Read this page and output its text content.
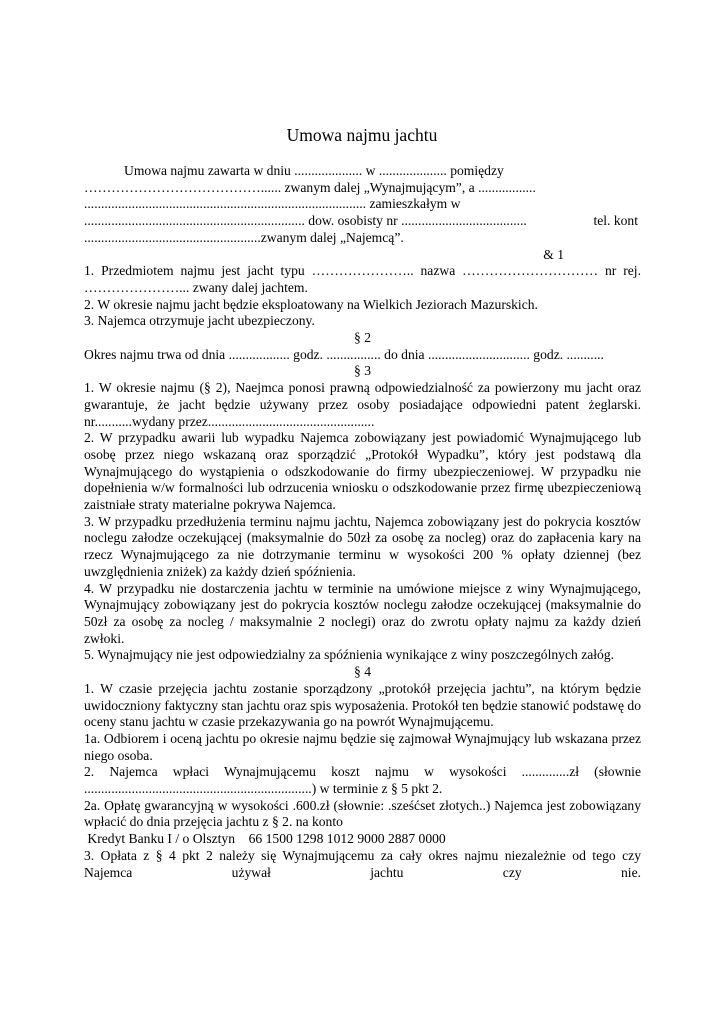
Umowa najmu jachtu

Umowa najmu zawarta w dniu .................... w .................... pomiędzy

…………………………………...... zwanym dalej „Wynajmującym”, a .................

................................................................................... zamieszkałym w

................................................................. dow. osobisty nr .....................................	tel. kont

....................................................zwanym dalej „Najemcą”.

& 1

1. Przedmiotem najmu jest jacht typu ………………….. nazwa ………………………… nr rej.

…………………... zwany dalej jachtem.

2. W okresie najmu jacht będzie eksploatowany na Wielkich Jeziorach Mazurskich.

3. Najemca otrzymuje jacht ubezpieczony.

§ 2

Okres najmu trwa od dnia .................. godz. ................ do dnia .............................. godz. ...........

§ 3

1. W okresie najmu (§ 2), Naejmca ponosi prawną odpowiedzialność za powierzony mu jacht oraz gwarantuje, że jacht będzie używany przez osoby posiadające odpowiedni patent żeglarski. nr...........wydany przez.................................................

2. W przypadku awarii lub wypadku Najemca zobowiązany jest powiadomić Wynajmującego lub osobę przez niego wskazaną oraz sporządzić „Protokół Wypadku”, który jest podstawą dla Wynajmującego do wystąpienia o odszkodowanie do firmy ubezpieczeniowej. W przypadku nie dopełnienia w/w formalności lub odrzucenia wniosku o odszkodowanie przez firmę ubezpieczeniową zaistniałe straty materialne pokrywa Najemca.

3. W przypadku przedłużenia terminu najmu jachtu, Najemca zobowiązany jest do pokrycia kosztów noclegu załodze oczekującej (maksymalnie do 50zł za osobę za nocleg) oraz do zapłacenia kary na rzecz Wynajmującego za nie dotrzymanie terminu w wysokości 200 % opłaty dziennej (bez uwzględnienia zniżek) za każdy dzień spóźnienia.

4. W przypadku nie dostarczenia jachtu w terminie na umówione miejsce z winy Wynajmującego, Wynajmujący zobowiązany jest do pokrycia kosztów noclegu załodze oczekującej (maksymalnie do 50zł za osobę za nocleg / maksymalnie 2 noclegi) oraz do zwrotu opłaty najmu za każdy dzień zwłoki.

5. Wynajmujący nie jest odpowiedzialny za spóźnienia wynikające z winy poszczególnych załóg.

§ 4

1. W czasie przejęcia jachtu zostanie sporządzony „protokół przejęcia jachtu”, na którym będzie uwidoczniony faktyczny stan jachtu oraz spis wyposażenia. Protokół ten będzie stanowić podstawę do oceny stanu jachtu w czasie przekazywania go na powrót Wynajmującemu.

1a. Odbiorem i oceną jachtu po okresie najmu będzie się zajmował Wynajmujący lub wskazana przez niego osoba.

2. Najemca wpłaci Wynajmującemu koszt najmu w wysokości ..............zł (słownie ...................................................................) w terminie z § 5 pkt 2.

2a. Opłatę gwarancyjną w wysokości .600.zł (słownie: .sześćset złotych..) Najemca jest zobowiązany wpłacić do dnia przejęcia jachtu z § 2. na konto

Kredyt Banku I / o Olsztyn    66 1500 1298 1012 9000 2887 0000

3. Opłata z § 4 pkt 2 należy się Wynajmującemu za cały okres najmu niezależnie od tego czy Najemca używał jachtu czy nie.
